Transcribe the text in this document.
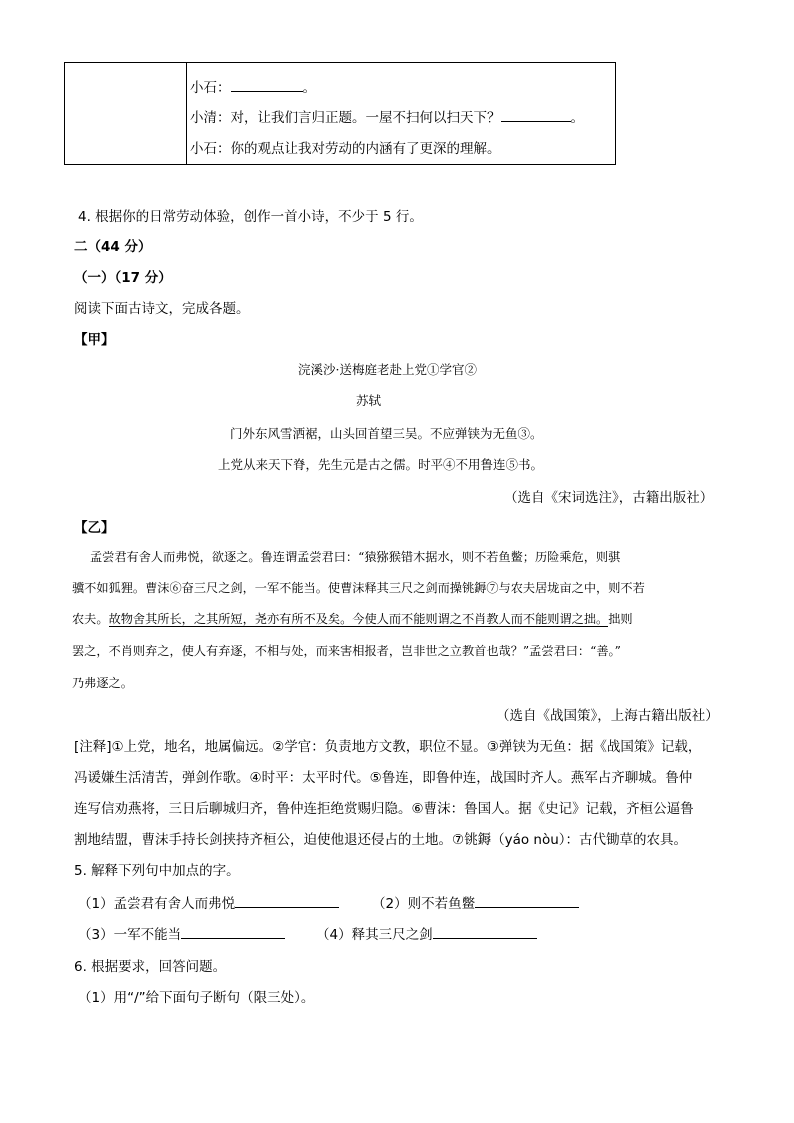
小石：	。
小清：对，让我们言归正题。一屋不扫何以扫天下？	。
小石：你的观点让我对劳动的内涵有了更深的理解。
4. 根据你的日常劳动体验，创作一首小诗，不少于 5 行。
二（44 分）
（一）（17 分）
阅读下面古诗文，完成各题。
【甲】
浣溪沙·送梅庭老赴上党①学官②
苏轼
门外东风雪洒裾，山头回首望三吴。不应弹铗为无鱼③。
上党从来天下脊，先生元是古之儒。时平④不用鲁连⑤书。
（选自《宋词选注》，古籍出版社）
【乙】
孟尝君有舍人而弗悦，欲逐之。鲁连谓孟尝君曰：“猿猕猴错木据水，则不若鱼鳖；历险乘危，则骐
骥不如狐狸。曹沫⑥奋三尺之剑，一军不能当。使曹沫释其三尺之剑而操铫鎒⑦与农夫居垅亩之中，则不若
农夫。故物舍其所长，之其所短，尧亦有所不及矣。今使人而不能则谓之不肖教人而不能则谓之拙。拙则
罢之，不肖则弃之，使人有弃逐，不相与处，而来害相报者，岂非世之立教首也哉？”孟尝君曰：“善。”
乃弗逐之。
（选自《战国策》，上海古籍出版社）
[注释]①上党，地名，地属偏远。②学官：负责地方文教，职位不显。③弹铗为无鱼：据《战国策》记载，
冯谖嫌生活清苦，弹剑作歌。④时平：太平时代。⑤鲁连，即鲁仲连，战国时齐人。燕军占齐聊城。鲁仲
连写信劝燕将，三日后聊城归齐，鲁仲连拒绝赏赐归隐。⑥曹沫：鲁国人。据《史记》记载，齐桓公逼鲁
割地结盟，曹沫手持长剑挟持齐桓公，迫使他退还侵占的土地。⑦铫鎒（yáo nòu）：古代锄草的农具。
5. 解释下列句中加点的字。
（1）孟尝君有舍人而弗悦	（2）则不若鱼鳖
（3）一军不能当	（4）释其三尺之剑
6. 根据要求，回答问题。
（1）用“/”给下面句子断句（限三处）。
